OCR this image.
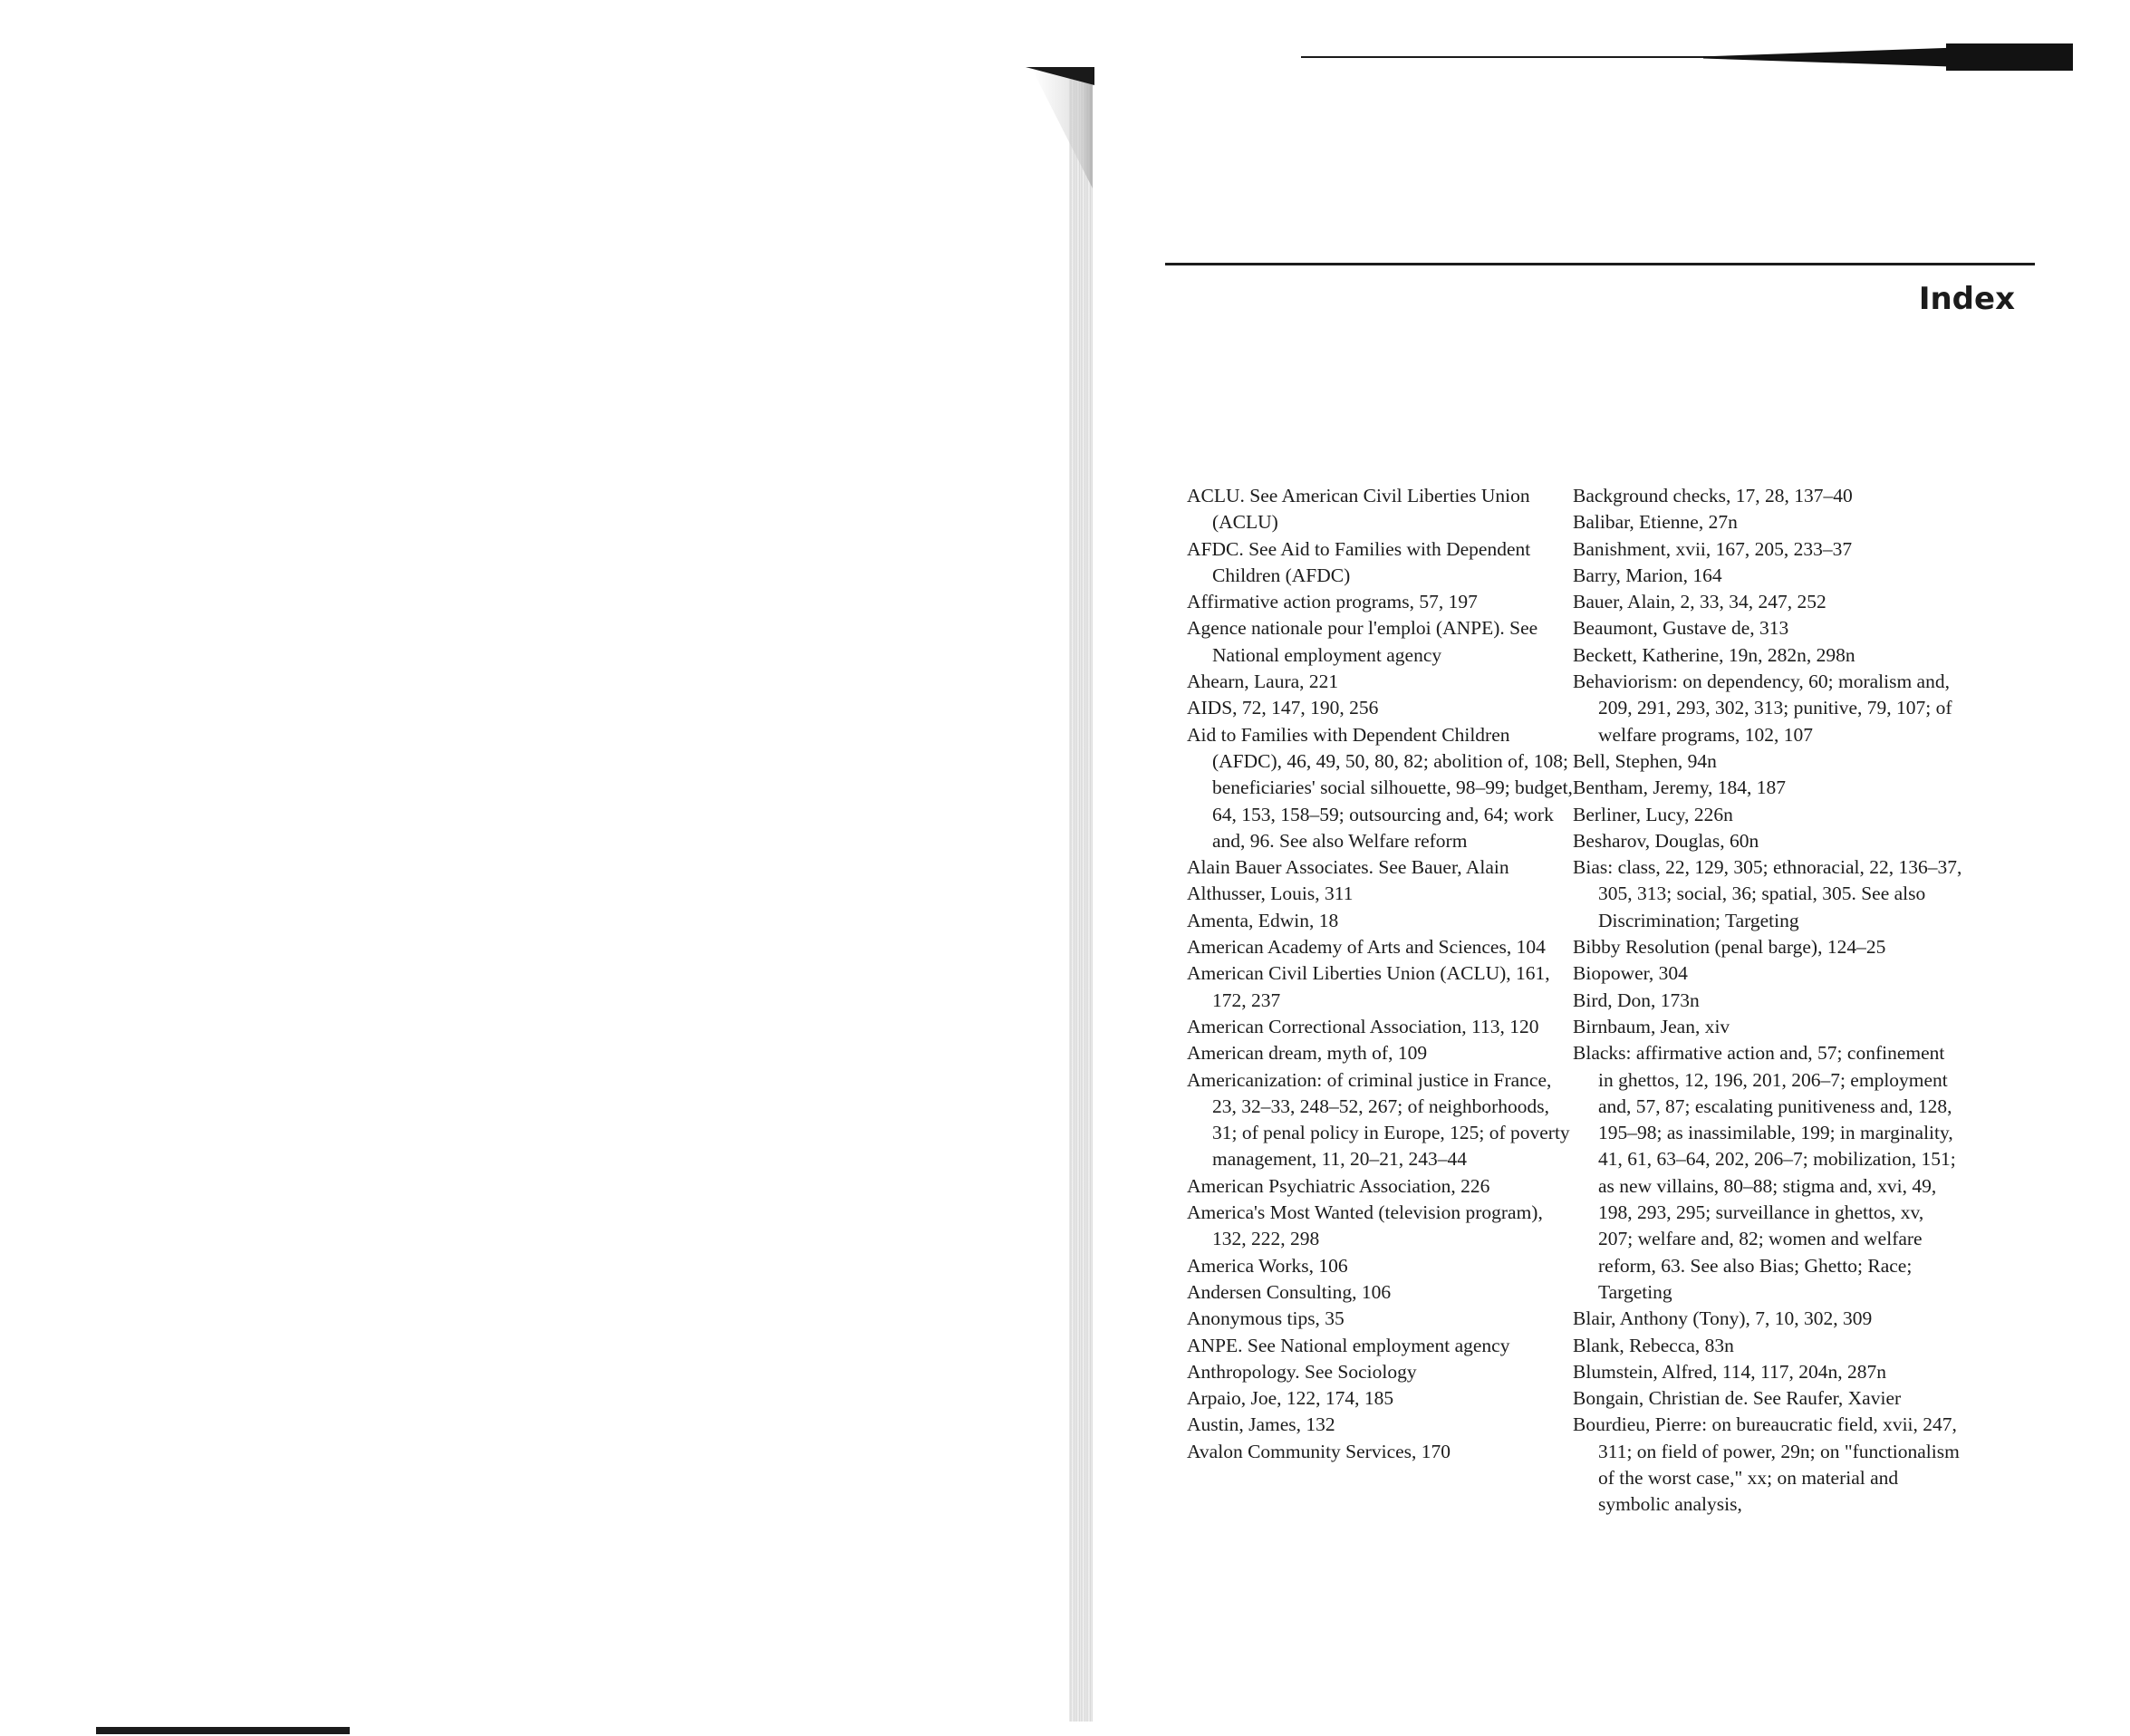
Index

ACLU. See American Civil Liberties Union (ACLU)

AFDC. See Aid to Families with Dependent Children (AFDC)

Affirmative action programs, 57, 197

Agence nationale pour l'emploi (ANPE). See National employment agency

Ahearn, Laura, 221

AIDS, 72, 147, 190, 256

Aid to Families with Dependent Children (AFDC), 46, 49, 50, 80, 82; abolition of, 108; beneficiaries' social silhouette, 98–99; budget, 64, 153, 158–59; outsourcing and, 64; work and, 96. See also Welfare reform

Alain Bauer Associates. See Bauer, Alain

Althusser, Louis, 311

Amenta, Edwin, 18

American Academy of Arts and Sciences, 104

American Civil Liberties Union (ACLU), 161, 172, 237

American Correctional Association, 113, 120

American dream, myth of, 109

Americanization: of criminal justice in France, 23, 32–33, 248–52, 267; of neighborhoods, 31; of penal policy in Europe, 125; of poverty management, 11, 20–21, 243–44

American Psychiatric Association, 226

America's Most Wanted (television program), 132, 222, 298

America Works, 106

Andersen Consulting, 106

Anonymous tips, 35

ANPE. See National employment agency

Anthropology. See Sociology

Arpaio, Joe, 122, 174, 185

Austin, James, 132

Avalon Community Services, 170

Background checks, 17, 28, 137–40

Balibar, Etienne, 27n

Banishment, xvii, 167, 205, 233–37

Barry, Marion, 164

Bauer, Alain, 2, 33, 34, 247, 252

Beaumont, Gustave de, 313

Beckett, Katherine, 19n, 282n, 298n

Behaviorism: on dependency, 60; moralism and, 209, 291, 293, 302, 313; punitive, 79, 107; of welfare programs, 102, 107

Bell, Stephen, 94n

Bentham, Jeremy, 184, 187

Berliner, Lucy, 226n

Besharov, Douglas, 60n

Bias: class, 22, 129, 305; ethnoracial, 22, 136–37, 305, 313; social, 36; spatial, 305. See also Discrimination; Targeting

Bibby Resolution (penal barge), 124–25

Biopower, 304

Bird, Don, 173n

Birnbaum, Jean, xiv

Blacks: affirmative action and, 57; confinement in ghettos, 12, 196, 201, 206–7; employment and, 57, 87; escalating punitiveness and, 128, 195–98; as inassimilable, 199; in marginality, 41, 61, 63–64, 202, 206–7; mobilization, 151; as new villains, 80–88; stigma and, xvi, 49, 198, 293, 295; surveillance in ghettos, xv, 207; welfare and, 82; women and welfare reform, 63. See also Bias; Ghetto; Race; Targeting

Blair, Anthony (Tony), 7, 10, 302, 309

Blank, Rebecca, 83n

Blumstein, Alfred, 114, 117, 204n, 287n

Bongain, Christian de. See Raufer, Xavier

Bourdieu, Pierre: on bureaucratic field, xvii, 247, 311; on field of power, 29n; on "functionalism of the worst case," xx; on material and symbolic analysis,
